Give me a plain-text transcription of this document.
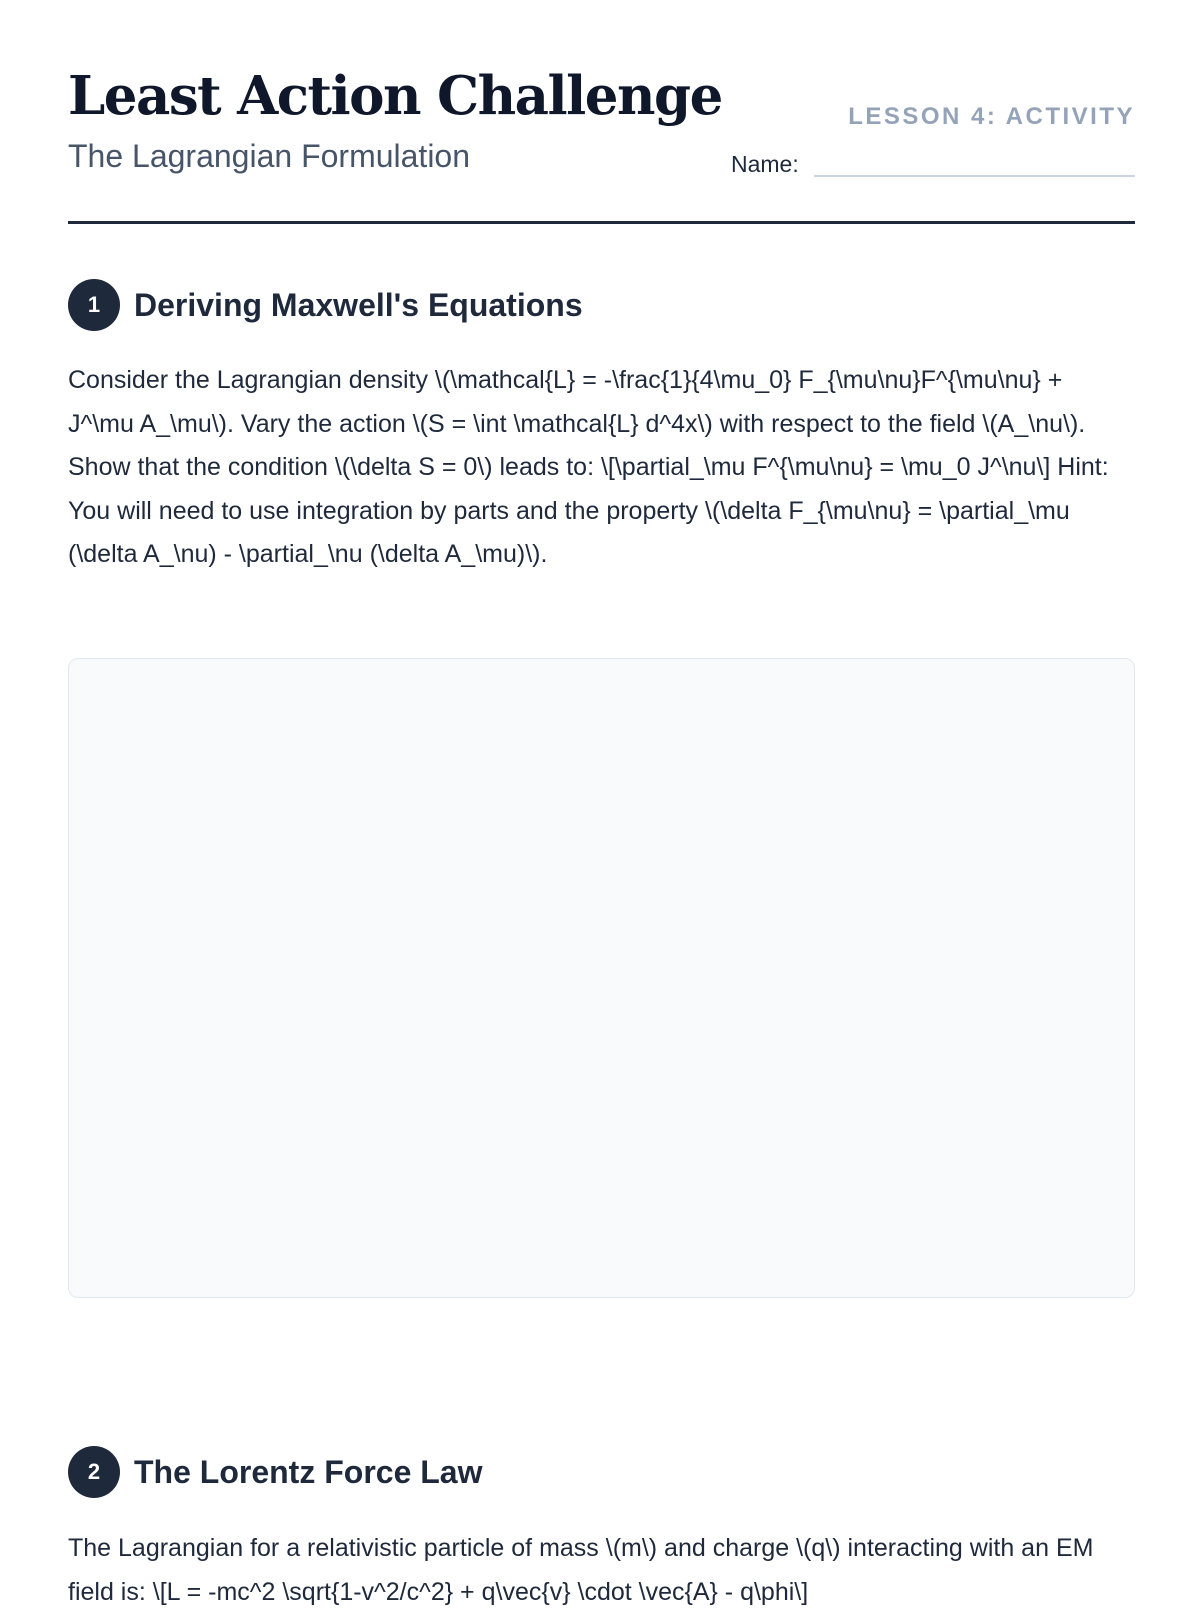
Least Action Challenge
The Lagrangian Formulation
LESSON 4: ACTIVITY
Name:
1	Deriving Maxwell's Equations

Consider the Lagrangian density \(\mathcal{L} = -\frac{1}{4\mu_0} F_{\mu\nu}F^{\mu\nu} + J^\mu A_\mu\). Vary the action \(S = \int \mathcal{L} d^4x\) with respect to the field \(A_\nu\). Show that the condition \(\delta S = 0\) leads to: \[\partial_\mu F^{\mu\nu} = \mu_0 J^\nu\] Hint: You will need to use integration by parts and the property \(\delta F_{\mu\nu} = \partial_\mu (\delta A_\nu) - \partial_\nu (\delta A_\mu)\).

2	The Lorentz Force Law

The Lagrangian for a relativistic particle of mass \(m\) and charge \(q\) interacting with an EM field is: \[L = -mc^2 \sqrt{1-v^2/c^2} + q\vec{v} \cdot \vec{A} - q\phi\]
